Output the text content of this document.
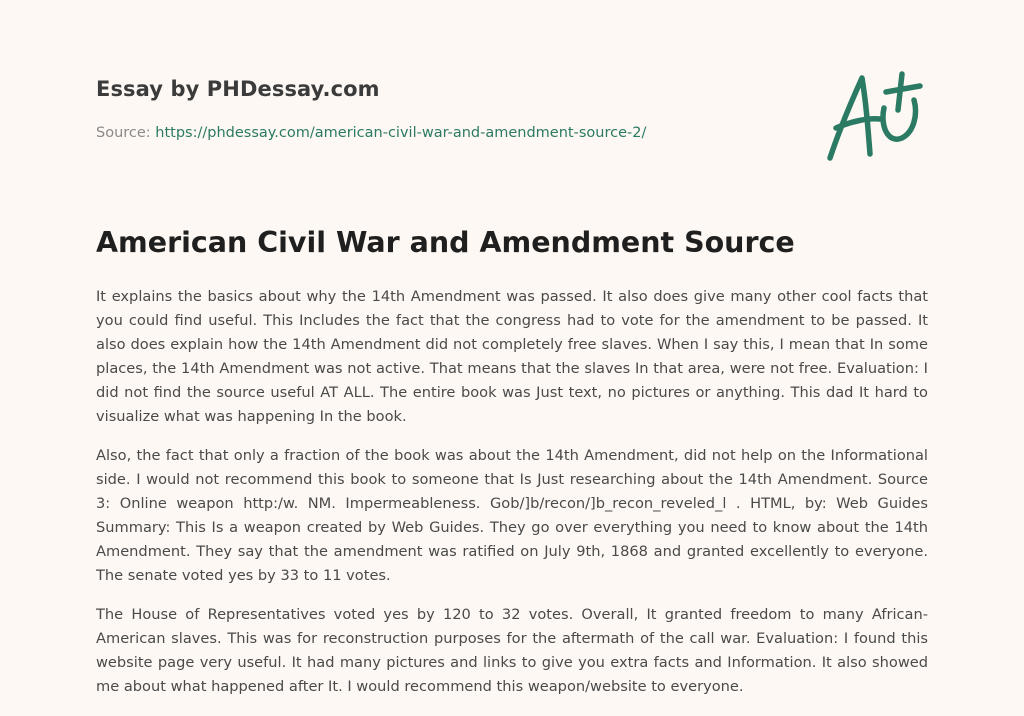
Essay by PHDessay.com
Source: https://phdessay.com/american-civil-war-and-amendment-source-2/
American Civil War and Amendment Source

It explains the basics about why the 14th Amendment was passed. It also does give many other cool facts that you could find useful. This Includes the fact that the congress had to vote for the amendment to be passed. It also does explain how the 14th Amendment did not completely free slaves. When I say this, I mean that In some places, the 14th Amendment was not active. That means that the slaves In that area, were not free. Evaluation: I did not find the source useful AT ALL. The entire book was Just text, no pictures or anything. This dad It hard to visualize what was happening In the book.

Also, the fact that only a fraction of the book was about the 14th Amendment, did not help on the Informational side. I would not recommend this book to someone that Is Just researching about the 14th Amendment. Source 3: Online weapon http:/w. NM. Impermeableness. Gob/]b/recon/]b_recon_reveled_l . HTML, by: Web Guides Summary: This Is a weapon created by Web Guides. They go over everything you need to know about the 14th Amendment. They say that the amendment was ratified on July 9th, 1868 and granted excellently to everyone. The senate voted yes by 33 to 11 votes.

The House of Representatives voted yes by 120 to 32 votes. Overall, It granted freedom to many African-American slaves. This was for reconstruction purposes for the aftermath of the call war. Evaluation: I found this website page very useful. It had many pictures and links to give you extra facts and Information. It also showed me about what happened after It. I would recommend this weapon/website to everyone.
